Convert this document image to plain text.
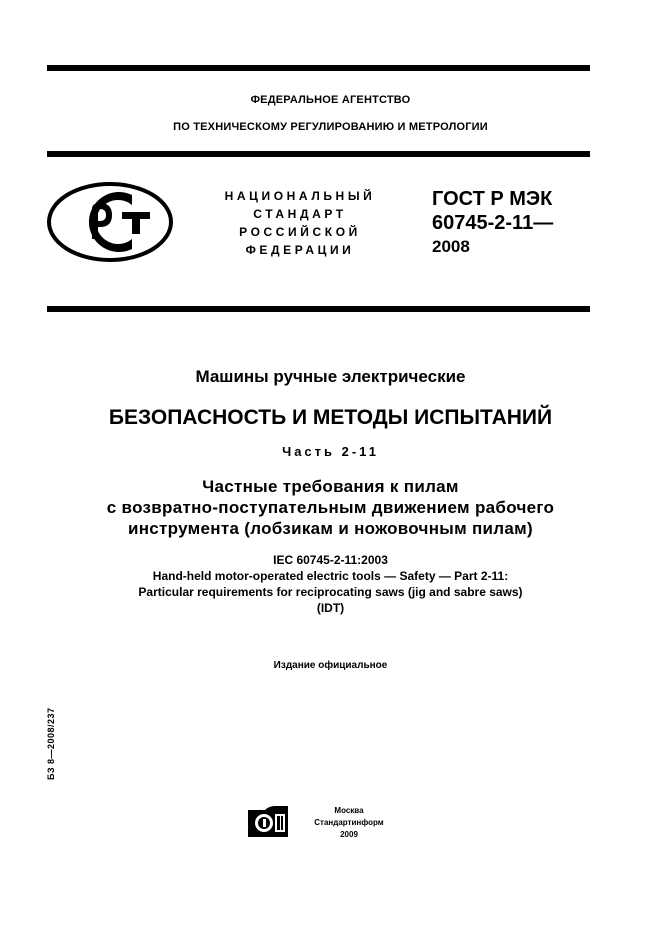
ФЕДЕРАЛЬНОЕ АГЕНТСТВО
ПО ТЕХНИЧЕСКОМУ РЕГУЛИРОВАНИЮ И МЕТРОЛОГИИ
НАЦИОНАЛЬНЫЙ
СТАНДАРТ
РОССИЙСКОЙ
ФЕДЕРАЦИИ
ГОСТ Р МЭК
60745-2-11—
2008
Машины ручные электрические
БЕЗОПАСНОСТЬ И МЕТОДЫ ИСПЫТАНИЙ
Часть 2-11
Частные требования к пилам
с возвратно-поступательным движением рабочего
инструмента (лобзикам и ножовочным пилам)
IEC 60745-2-11:2003
Hand-held motor-operated electric tools — Safety — Part 2-11:
Particular requirements for reciprocating saws (jig and sabre saws)
(IDT)
Издание официальное
БЗ 8—2008/237
Москва
Стандартинформ
2009
